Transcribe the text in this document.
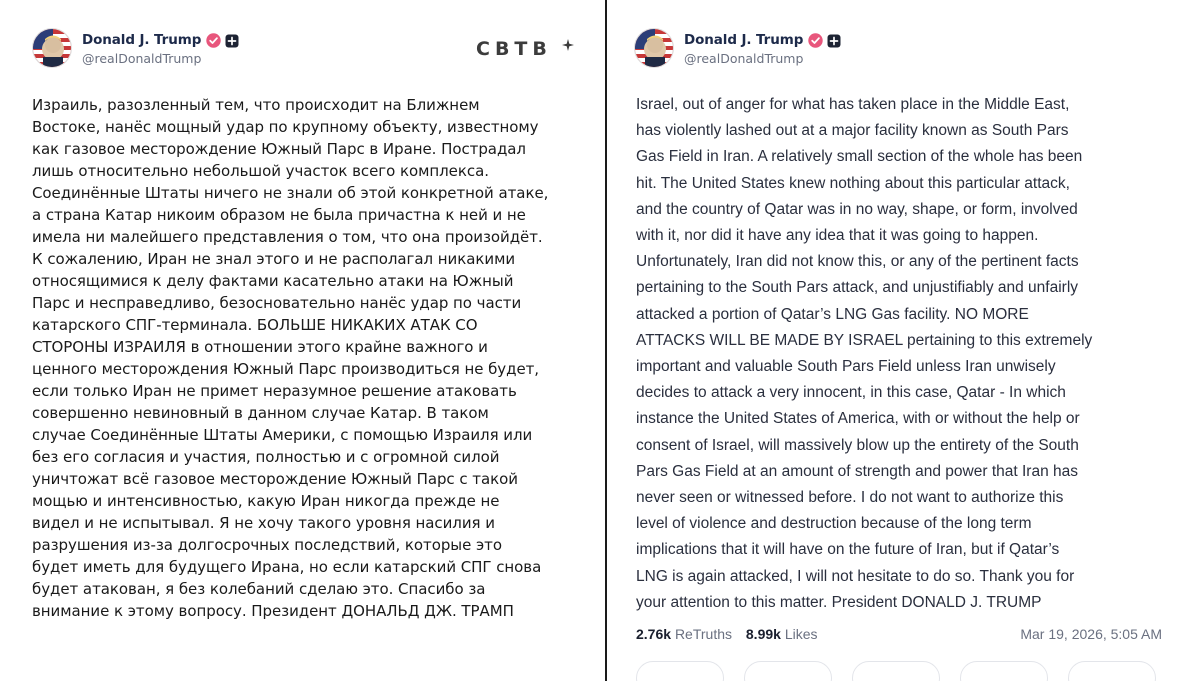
Donald J. Trump
@realDonaldTrump	СВТВ

Израиль, разозленный тем, что происходит на Ближнем
Востоке, нанёс мощный удар по крупному объекту, известному
как газовое месторождение Южный Парс в Иране. Пострадал
лишь относительно небольшой участок всего комплекса.
Соединённые Штаты ничего не знали об этой конкретной атаке,
а страна Катар никоим образом не была причастна к ней и не
имела ни малейшего представления о том, что она произойдёт.
К сожалению, Иран не знал этого и не располагал никакими
относящимися к делу фактами касательно атаки на Южный
Парс и несправедливо, безосновательно нанёс удар по части
катарского СПГ-терминала. БОЛЬШЕ НИКАКИХ АТАК СО
СТОРОНЫ ИЗРАИЛЯ в отношении этого крайне важного и
ценного месторождения Южный Парс производиться не будет,
если только Иран не примет неразумное решение атаковать
совершенно невиновный в данном случае Катар. В таком
случае Соединённые Штаты Америки, с помощью Израиля или
без его согласия и участия, полностью и с огромной силой
уничтожат всё газовое месторождение Южный Парс с такой
мощью и интенсивностью, какую Иран никогда прежде не
видел и не испытывал. Я не хочу такого уровня насилия и
разрушения из-за долгосрочных последствий, которые это
будет иметь для будущего Ирана, но если катарский СПГ снова
будет атакован, я без колебаний сделаю это. Спасибо за
внимание к этому вопросу. Президент ДОНАЛЬД ДЖ. ТРАМП

Donald J. Trump
@realDonaldTrump

Israel, out of anger for what has taken place in the Middle East,
has violently lashed out at a major facility known as South Pars
Gas Field in Iran. A relatively small section of the whole has been
hit. The United States knew nothing about this particular attack,
and the country of Qatar was in no way, shape, or form, involved
with it, nor did it have any idea that it was going to happen.
Unfortunately, Iran did not know this, or any of the pertinent facts
pertaining to the South Pars attack, and unjustifiably and unfairly
attacked a portion of Qatar’s LNG Gas facility. NO MORE
ATTACKS WILL BE MADE BY ISRAEL pertaining to this extremely
important and valuable South Pars Field unless Iran unwisely
decides to attack a very innocent, in this case, Qatar - In which
instance the United States of America, with or without the help or
consent of Israel, will massively blow up the entirety of the South
Pars Gas Field at an amount of strength and power that Iran has
never seen or witnessed before. I do not want to authorize this
level of violence and destruction because of the long term
implications that it will have on the future of Iran, but if Qatar’s
LNG is again attacked, I will not hesitate to do so. Thank you for
your attention to this matter. President DONALD J. TRUMP

2.76k ReTruths 8.99k Likes	Mar 19, 2026, 5:05 AM
